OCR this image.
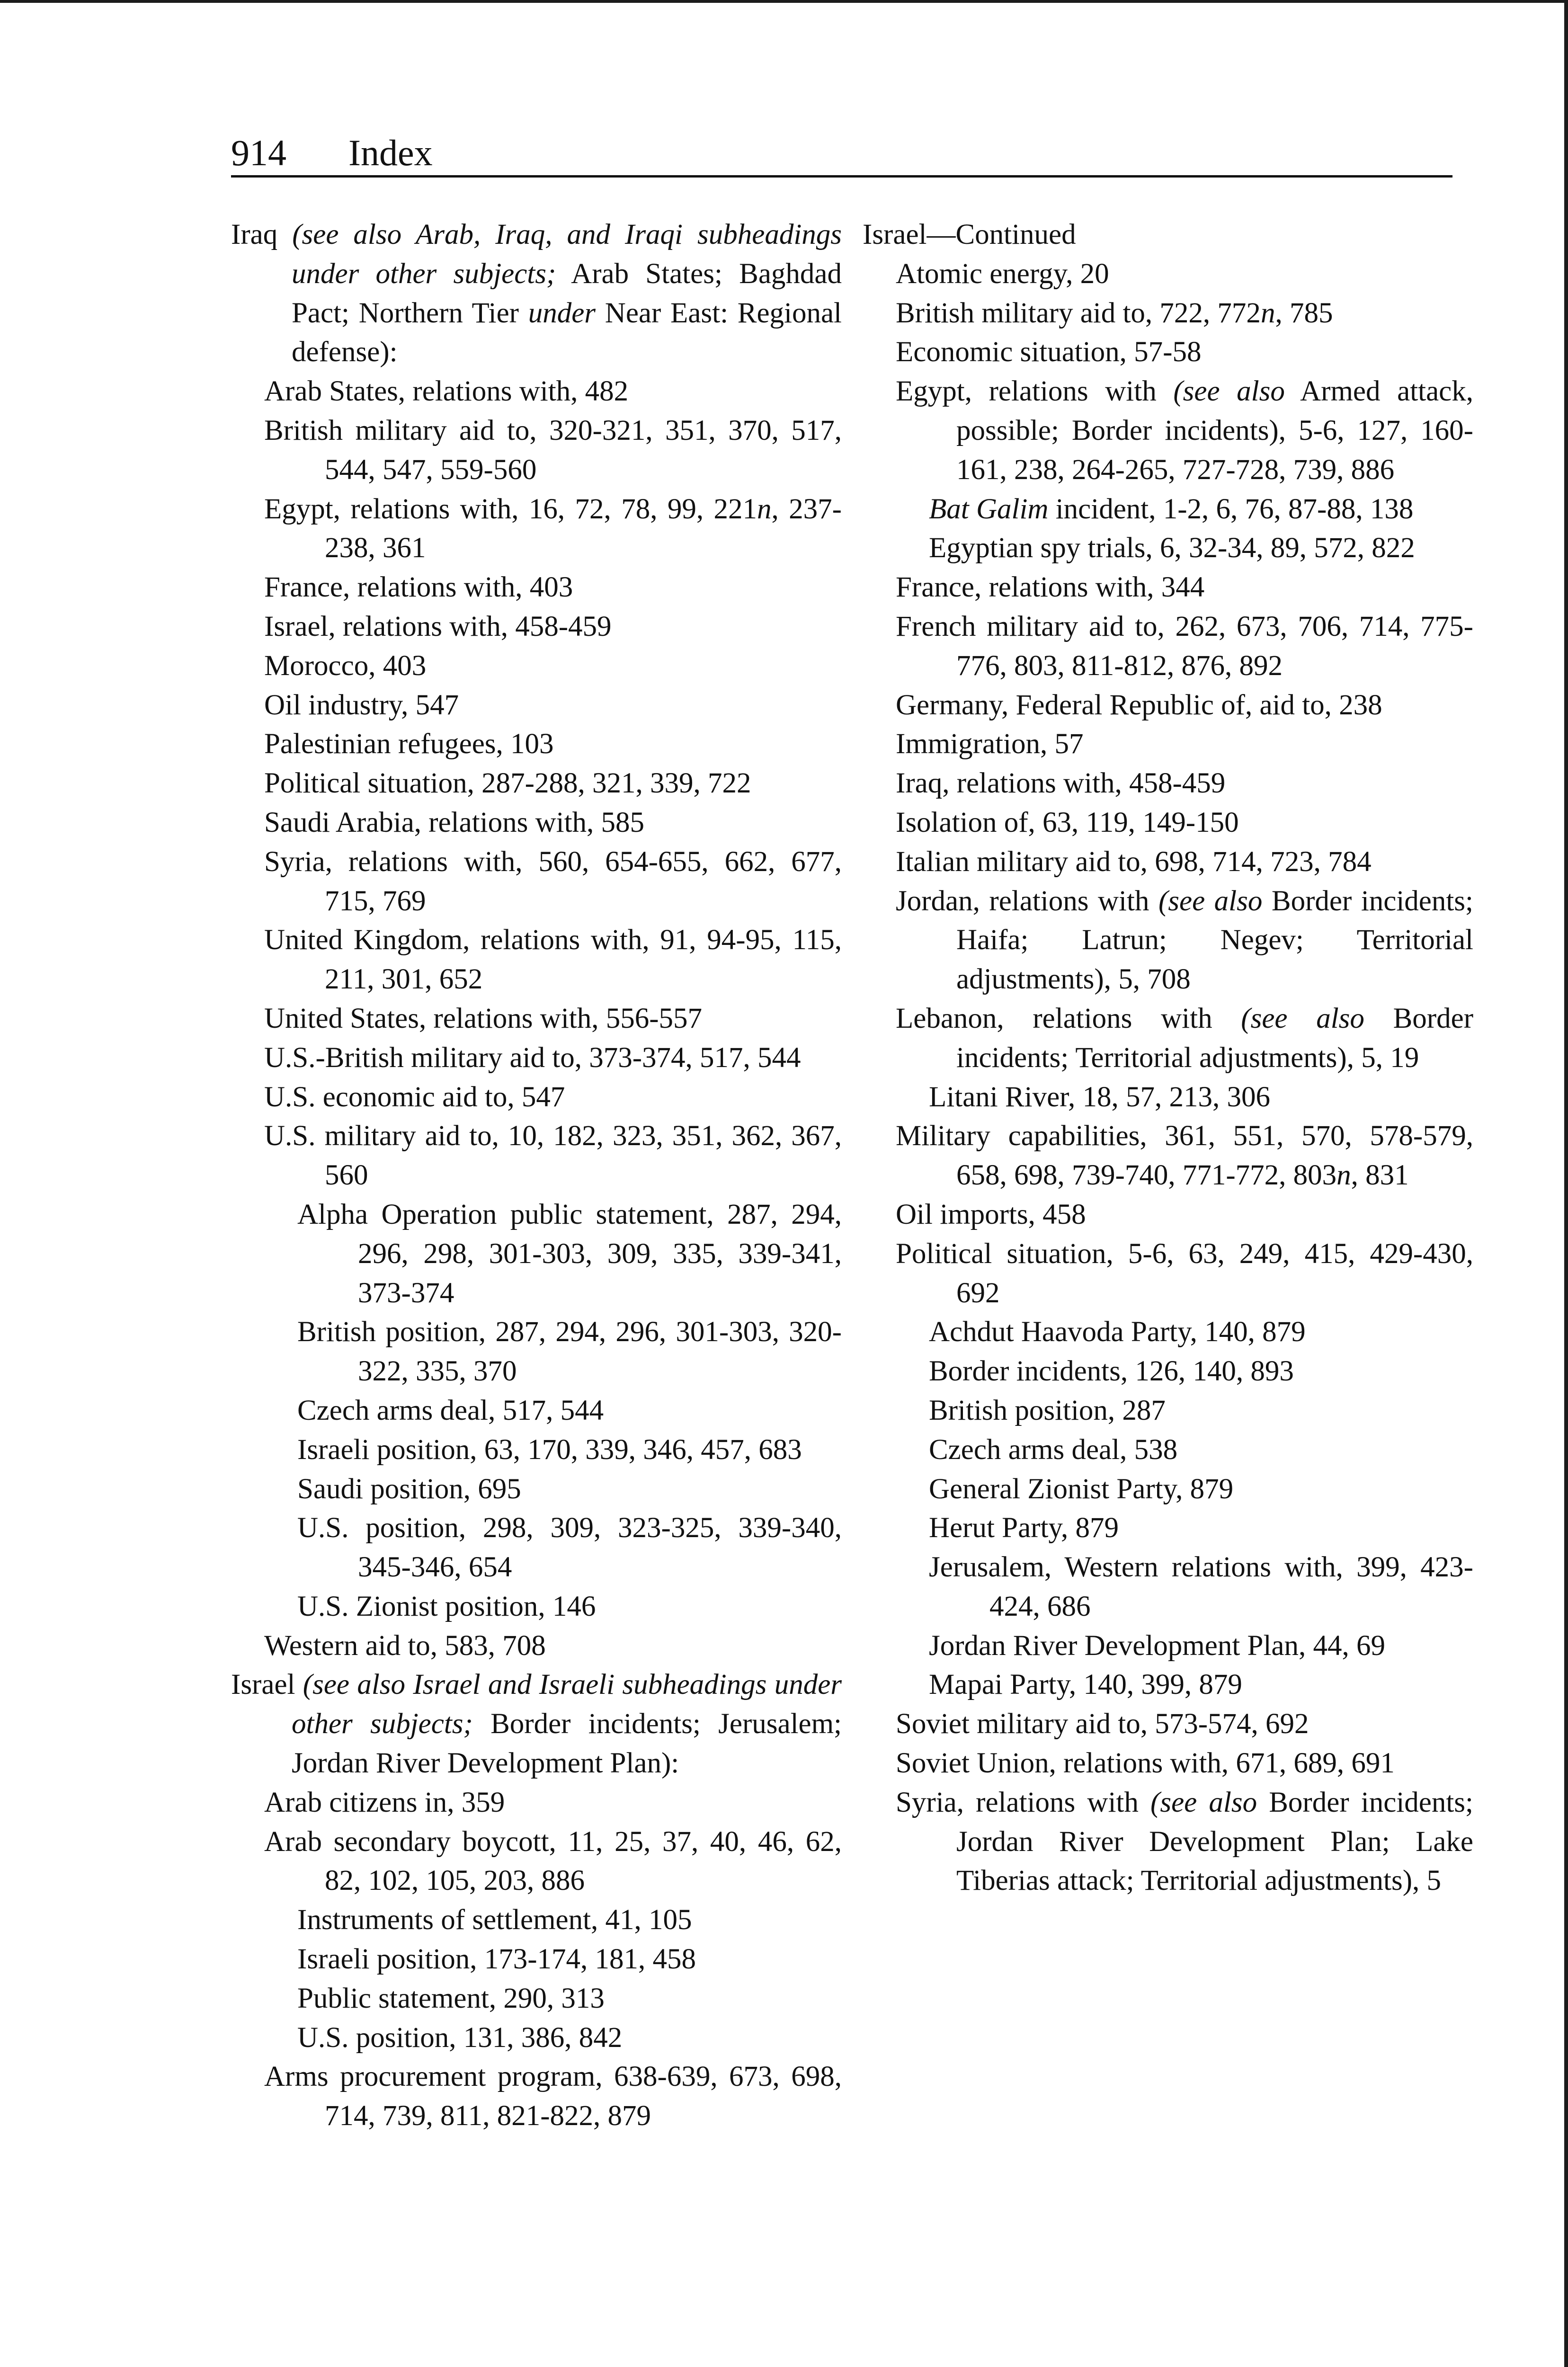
914 Index
Iraq (see also Arab, Iraq, and Iraqi subheadings under other subjects; Arab States; Baghdad Pact; Northern Tier under Near East: Regional defense):
Arab States, relations with, 482
British military aid to, 320-321, 351, 370, 517, 544, 547, 559-560
Egypt, relations with, 16, 72, 78, 99, 221n, 237-238, 361
France, relations with, 403
Israel, relations with, 458-459
Morocco, 403
Oil industry, 547
Palestinian refugees, 103
Political situation, 287-288, 321, 339, 722
Saudi Arabia, relations with, 585
Syria, relations with, 560, 654-655, 662, 677, 715, 769
United Kingdom, relations with, 91, 94-95, 115, 211, 301, 652
United States, relations with, 556-557
U.S.-British military aid to, 373-374, 517, 544
U.S. economic aid to, 547
U.S. military aid to, 10, 182, 323, 351, 362, 367, 560
Alpha Operation public statement, 287, 294, 296, 298, 301-303, 309, 335, 339-341, 373-374
British position, 287, 294, 296, 301-303, 320-322, 335, 370
Czech arms deal, 517, 544
Israeli position, 63, 170, 339, 346, 457, 683
Saudi position, 695
U.S. position, 298, 309, 323-325, 339-340, 345-346, 654
U.S. Zionist position, 146
Western aid to, 583, 708
Israel (see also Israel and Israeli subheadings under other subjects; Border incidents; Jerusalem; Jordan River Development Plan):
Arab citizens in, 359
Arab secondary boycott, 11, 25, 37, 40, 46, 62, 82, 102, 105, 203, 886
Instruments of settlement, 41, 105
Israeli position, 173-174, 181, 458
Public statement, 290, 313
U.S. position, 131, 386, 842
Arms procurement program, 638-639, 673, 698, 714, 739, 811, 821-822, 879
Israel—Continued
Atomic energy, 20
British military aid to, 722, 772n, 785
Economic situation, 57-58
Egypt, relations with (see also Armed attack, possible; Border incidents), 5-6, 127, 160-161, 238, 264-265, 727-728, 739, 886
Bat Galim incident, 1-2, 6, 76, 87-88, 138
Egyptian spy trials, 6, 32-34, 89, 572, 822
France, relations with, 344
French military aid to, 262, 673, 706, 714, 775-776, 803, 811-812, 876, 892
Germany, Federal Republic of, aid to, 238
Immigration, 57
Iraq, relations with, 458-459
Isolation of, 63, 119, 149-150
Italian military aid to, 698, 714, 723, 784
Jordan, relations with (see also Border incidents; Haifa; Latrun; Negev; Territorial adjustments), 5, 708
Lebanon, relations with (see also Border incidents; Territorial adjustments), 5, 19
Litani River, 18, 57, 213, 306
Military capabilities, 361, 551, 570, 578-579, 658, 698, 739-740, 771-772, 803n, 831
Oil imports, 458
Political situation, 5-6, 63, 249, 415, 429-430, 692
Achdut Haavoda Party, 140, 879
Border incidents, 126, 140, 893
British position, 287
Czech arms deal, 538
General Zionist Party, 879
Herut Party, 879
Jerusalem, Western relations with, 399, 423-424, 686
Jordan River Development Plan, 44, 69
Mapai Party, 140, 399, 879
Soviet military aid to, 573-574, 692
Soviet Union, relations with, 671, 689, 691
Syria, relations with (see also Border incidents; Jordan River Development Plan; Lake Tiberias attack; Territorial adjustments), 5
